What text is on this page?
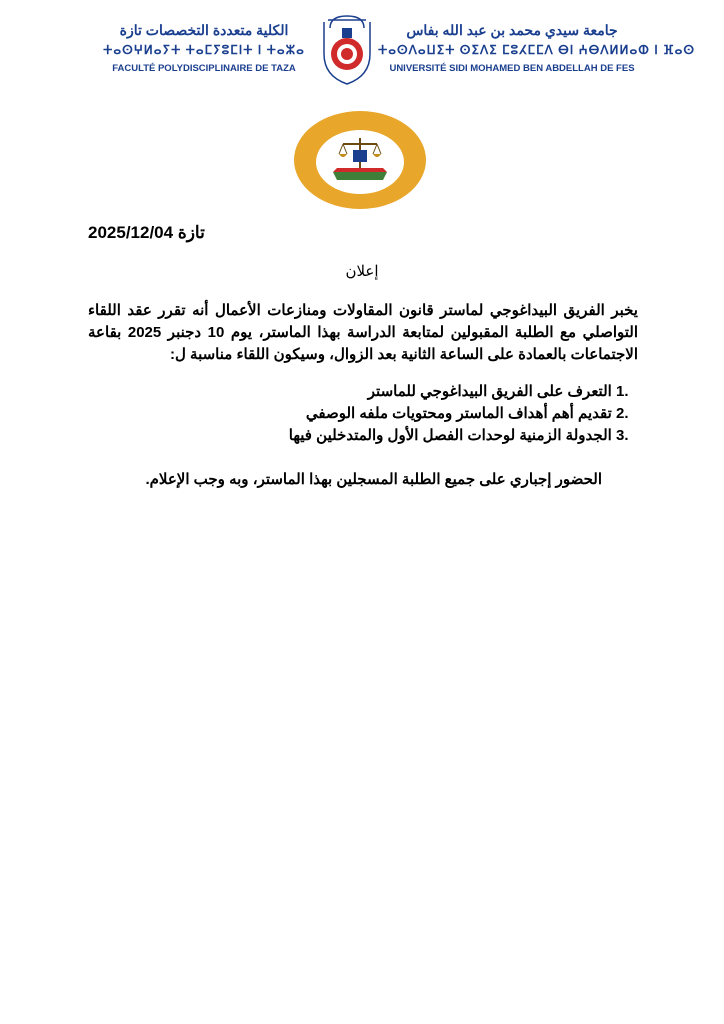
الكلية متعددة التخصصات تازة
ⵜⴰⵙⵖⵍⴰⵢⵜ ⵜⴰⵎⵢⵓⵎⵏⵜ ⵏ ⵜⴰⵣⴰ
FACULTÉ POLYDISCIPLINAIRE DE TAZA
جامعة سيدي محمد بن عبد الله بفاس
ⵜⴰⵙⴷⴰⵡⵉⵜ ⵙⵉⴷⵉ ⵎⵓⵃⵎⵎⴷ ⴱⵏ ⵄⴱⴷⵍⵍⴰⵀ ⵏ ⴼⴰⵙ
UNIVERSITÉ SIDI MOHAMED BEN ABDELLAH DE FES
تازة 2025/12/04
إعلان
يخبر الفريق البيداغوجي لماستر قانون المقاولات ومنازعات الأعمال أنه تقرر عقد اللقاء التواصلي مع الطلبة المقبولين لمتابعة الدراسة بهذا الماستر، يوم 10 دجنبر 2025 بقاعة الاجتماعات بالعمادة على الساعة الثانية بعد الزوال، وسيكون اللقاء مناسبة ل:
1. التعرف على الفريق البيداغوجي للماستر
2. تقديم أهم أهداف الماستر ومحتويات ملفه الوصفي
3. الجدولة الزمنية لوحدات الفصل الأول والمتدخلين فيها
الحضور إجباري على جميع الطلبة المسجلين بهذا الماستر، وبه وجب الإعلام.
